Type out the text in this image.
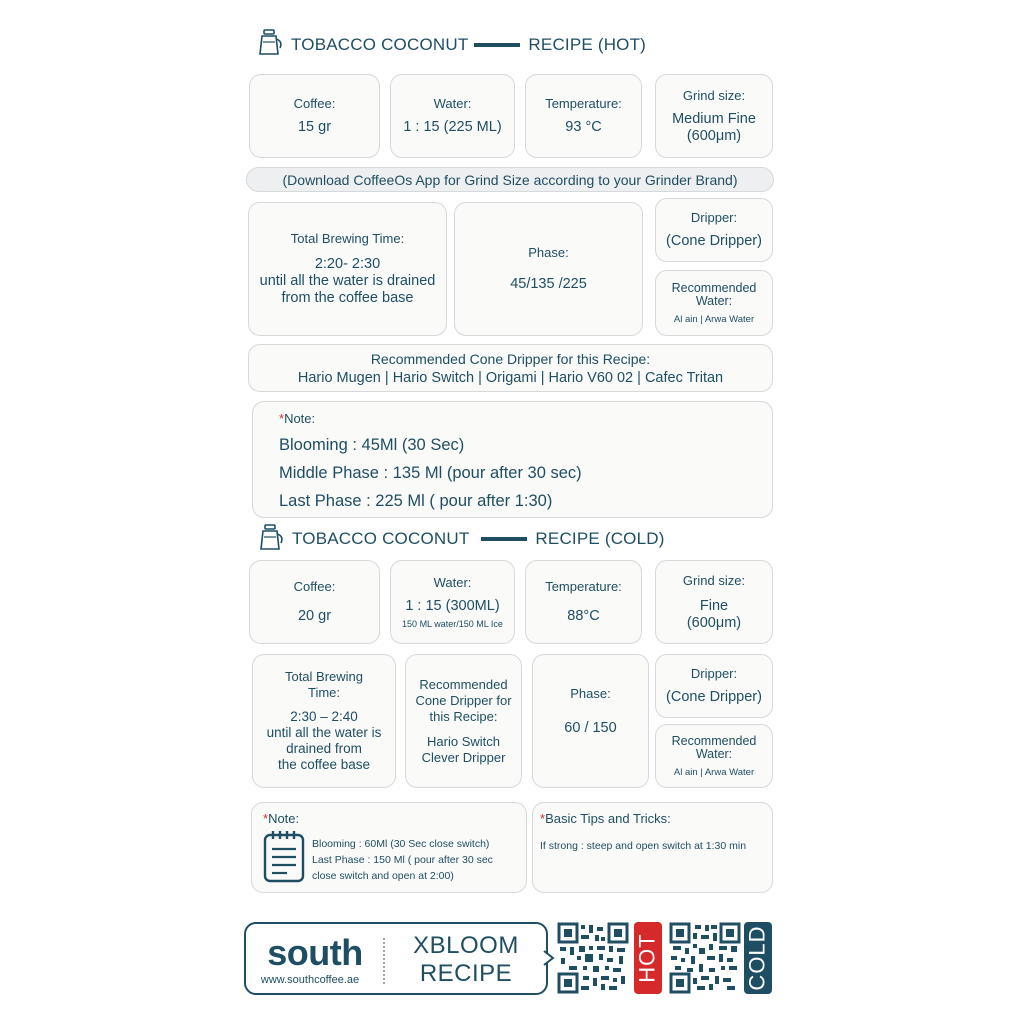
TOBACCO COCONUT	RECIPE (HOT)
Coffee:
15 gr
Water:
1 : 15 (225 ML)
Temperature:
93 °C
Grind size:
Medium Fine
(600μm)
(Download CoffeeOs App for Grind Size according to your Grinder Brand)
Total Brewing Time:
2:20- 2:30
until all the water is drained
from the coffee base
Phase:
45/135 /225
Dripper:
(Cone Dripper)
Recommended
Water:
Al ain | Arwa Water
Recommended Cone Dripper for this Recipe:
Hario Mugen | Hario Switch | Origami | Hario V60 02 | Cafec Tritan
*Note:
Blooming : 45Ml (30 Sec)
Middle Phase : 135 Ml (pour after 30 sec)
Last Phase : 225 Ml ( pour after 1:30)
TOBACCO COCONUT	RECIPE (COLD)
Coffee:
20 gr
Water:
1 : 15 (300ML)
150 ML water/150 ML Ice
Temperature:
88°C
Grind size:
Fine
(600μm)
Total Brewing
Time:
2:30 – 2:40
until all the water is
drained from
the coffee base
Recommended
Cone Dripper for
this Recipe:
Hario Switch
Clever Dripper
Phase:
60 / 150
Dripper:
(Cone Dripper)
Recommended
Water:
Al ain | Arwa Water
*Note:
Blooming : 60Ml (30 Sec close switch)
Last Phase : 150 Ml ( pour after 30 sec
close switch and open at 2:00)
*Basic Tips and Tricks:
If strong : steep and open switch at 1:30 min
south
www.southcoffee.ae
XBLOOM
RECIPE	HOT	COLD
